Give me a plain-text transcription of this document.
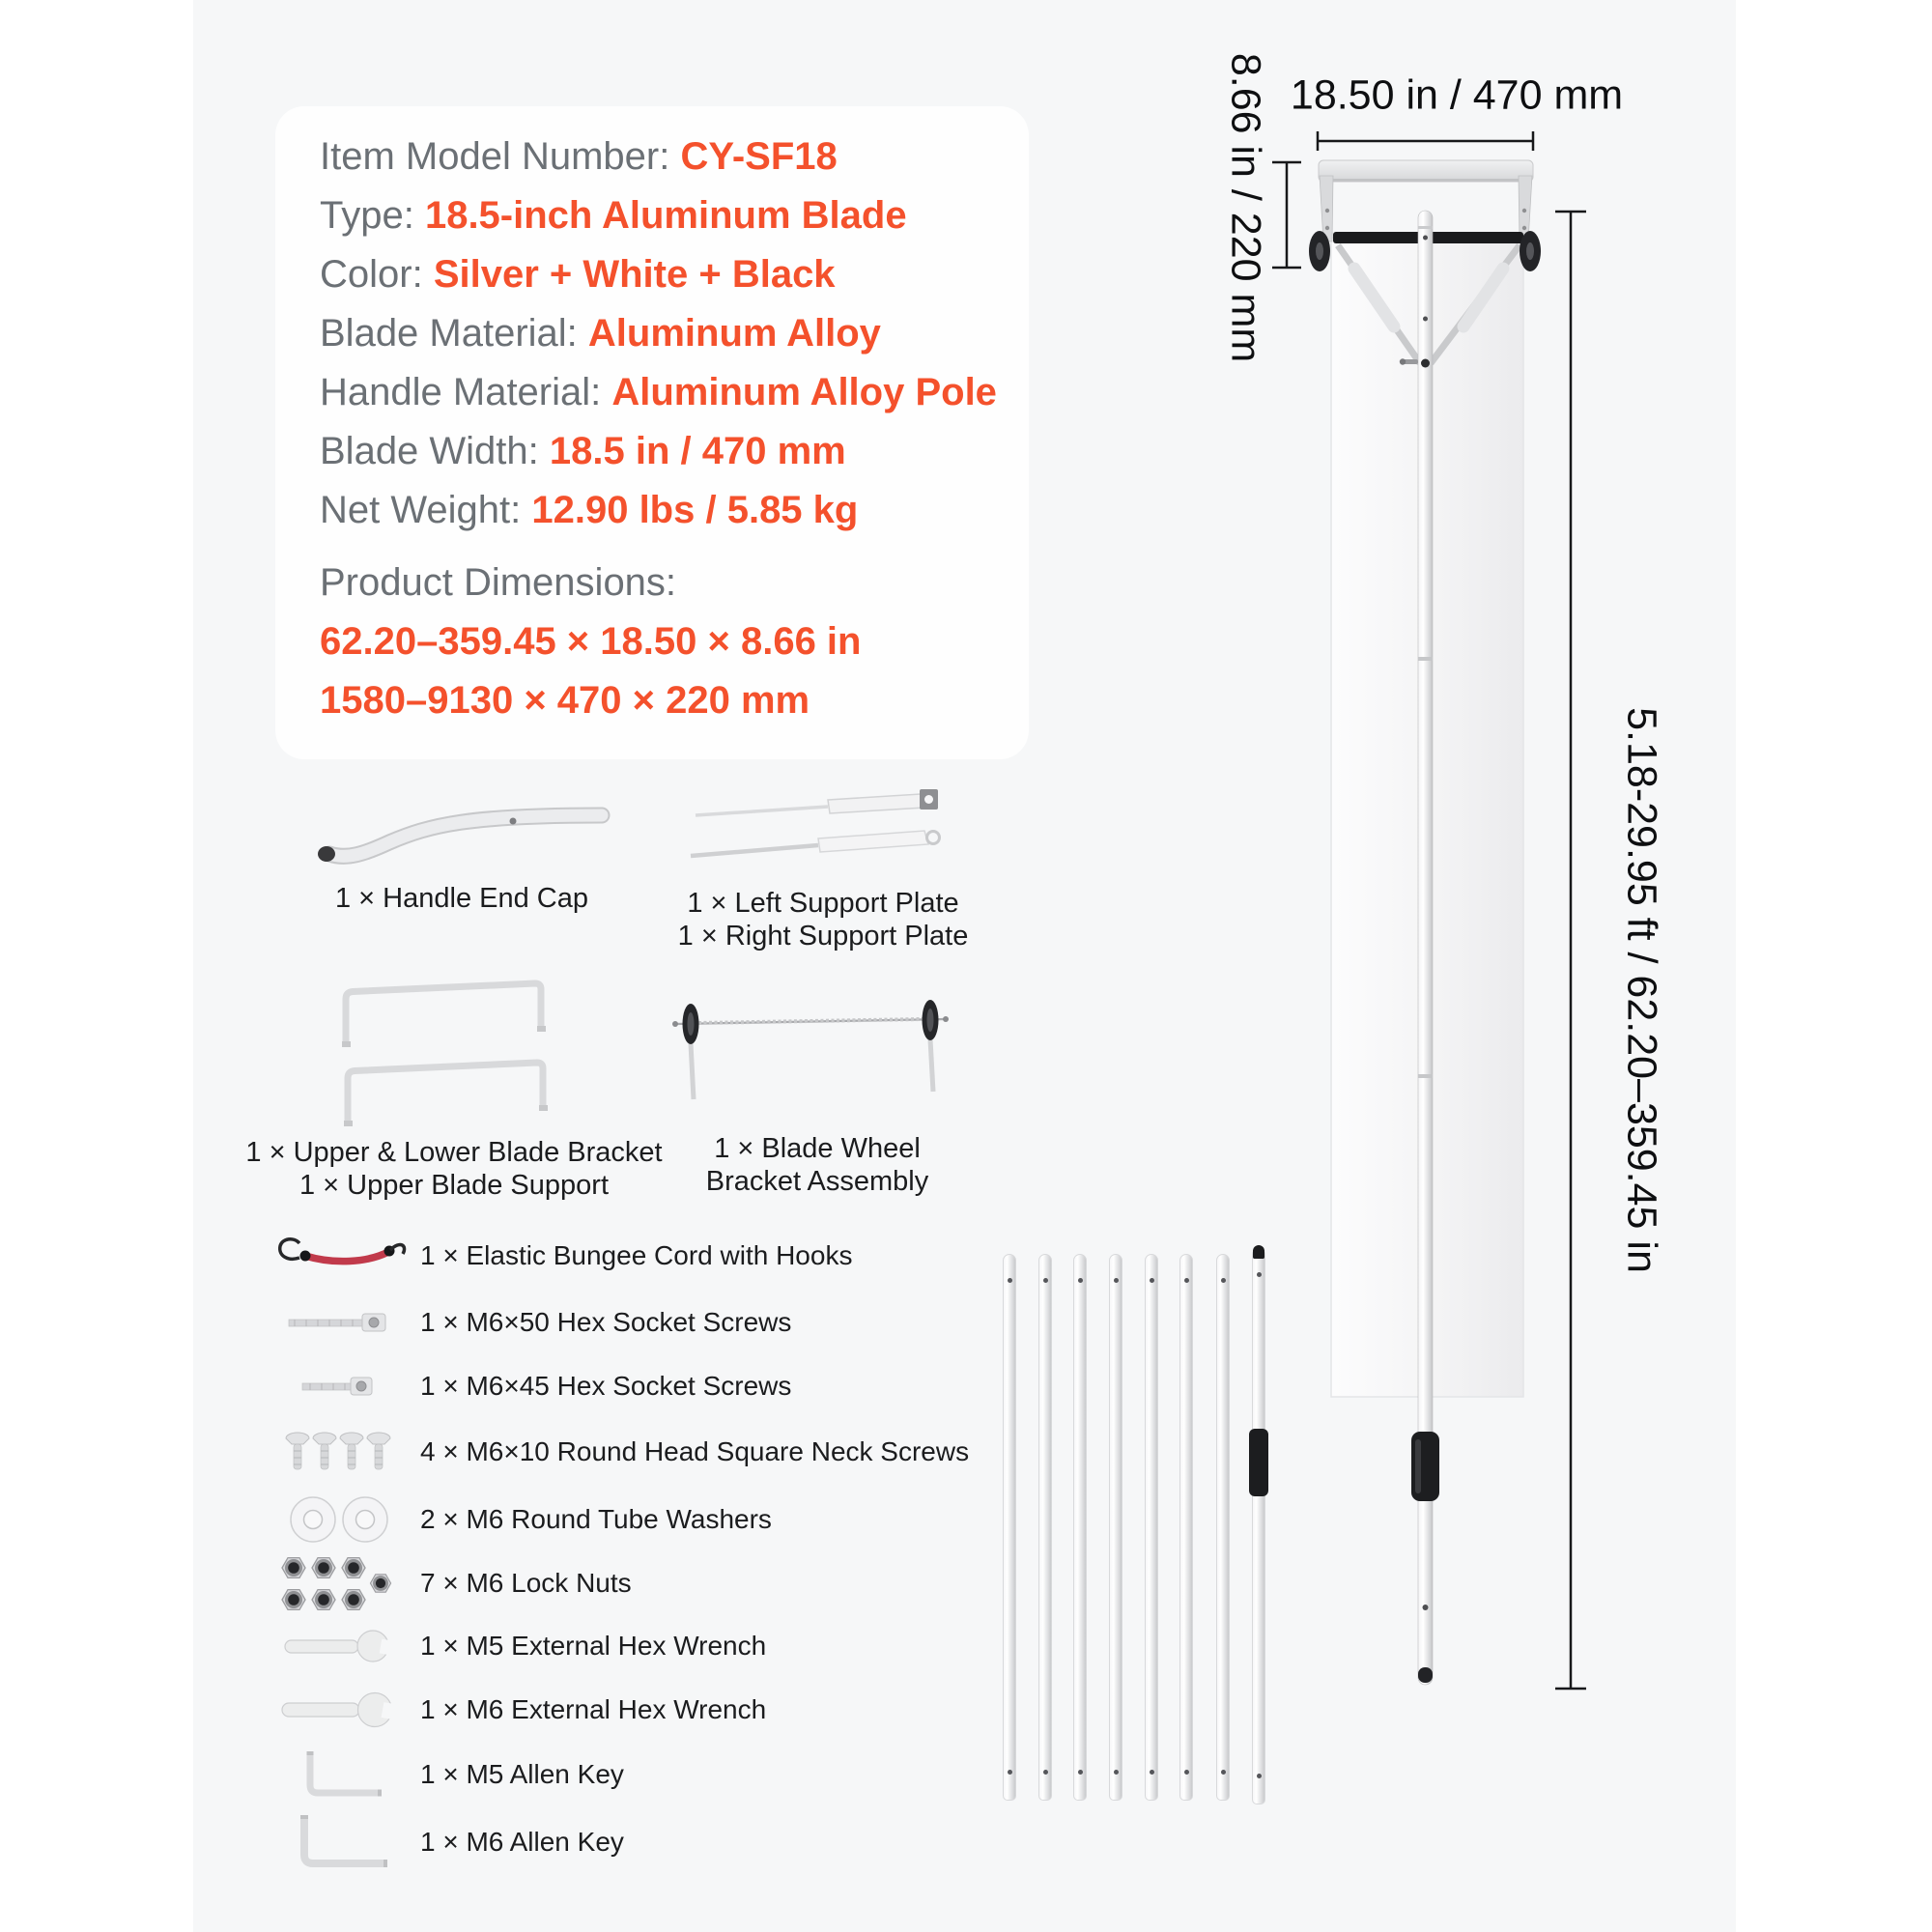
Item Model Number: CY-SF18
Type: 18.5-inch Aluminum Blade
Color: Silver + White + Black
Blade Material: Aluminum Alloy
Handle Material: Aluminum Alloy Pole
Blade Width: 18.5 in / 470 mm
Net Weight: 12.90 lbs / 5.85 kg
Product Dimensions:
62.20–359.45 × 18.50 × 8.66 in
1580–9130 × 470 × 220 mm
18.50 in / 470 mm
8.66 in / 220 mm
5.18-29.95 ft / 62.20–359.45 in
1 × Handle End Cap	1 × Left Support Plate
1 × Right Support Plate
1 × Upper & Lower Blade Bracket
1 × Upper Blade Support
1 × Blade Wheel
Bracket Assembly
1 × Elastic Bungee Cord with Hooks
1 × M6×50 Hex Socket Screws
1 × M6×45 Hex Socket Screws
4 × M6×10 Round Head Square Neck Screws
2 × M6 Round Tube Washers
7 × M6 Lock Nuts
1 × M5 External Hex Wrench
1 × M6 External Hex Wrench
1 × M5 Allen Key
1 × M6 Allen Key
